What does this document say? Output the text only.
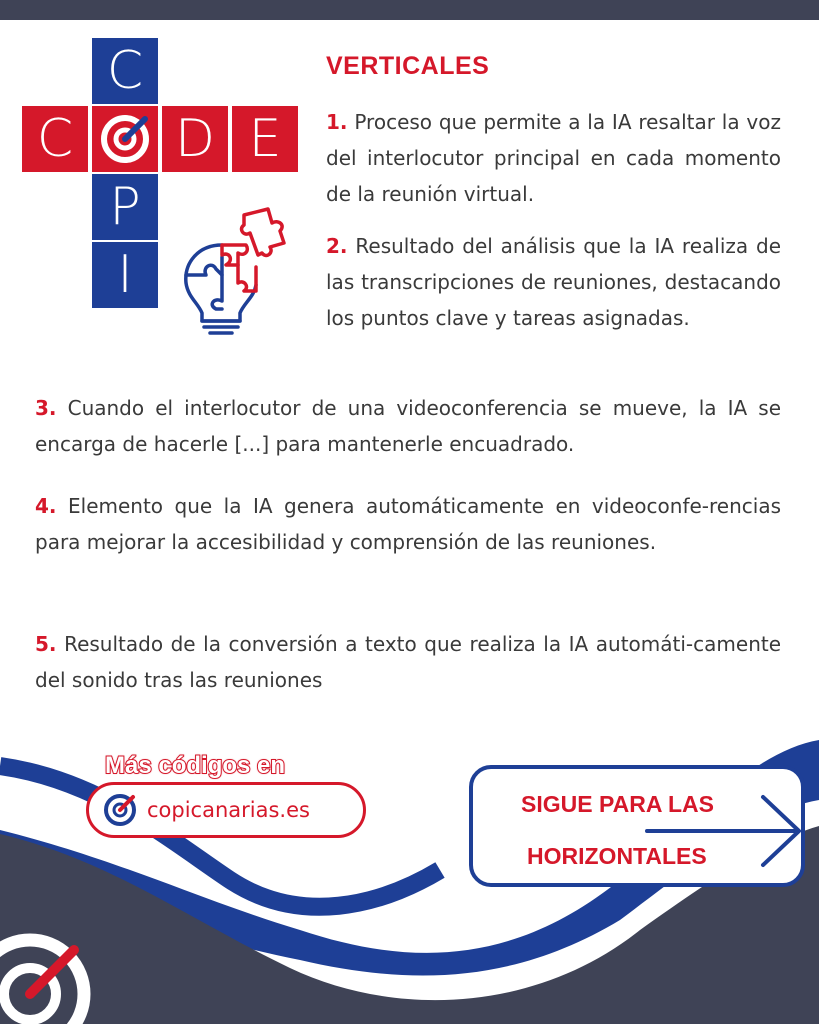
C
C D E
P
I
VERTICALES
1. Proceso que permite a la IA resaltar la voz del interlocutor principal en cada momento de la reunión virtual.
2. Resultado del análisis que la IA realiza de las transcripciones de reuniones, destacando los puntos clave y tareas asignadas.
3. Cuando el interlocutor de una videoconferencia se mueve, la IA se encarga de hacerle [...] para mantenerle encuadrado.
4. Elemento que la IA genera automáticamente en videoconfe-rencias para mejorar la accesibilidad y comprensión de las reuniones.
5. Resultado de la conversión a texto que realiza la IA automáti-camente del sonido tras las reuniones
Más códigos en
copicanarias.es	SIGUE PARA LAS
HORIZONTALES
